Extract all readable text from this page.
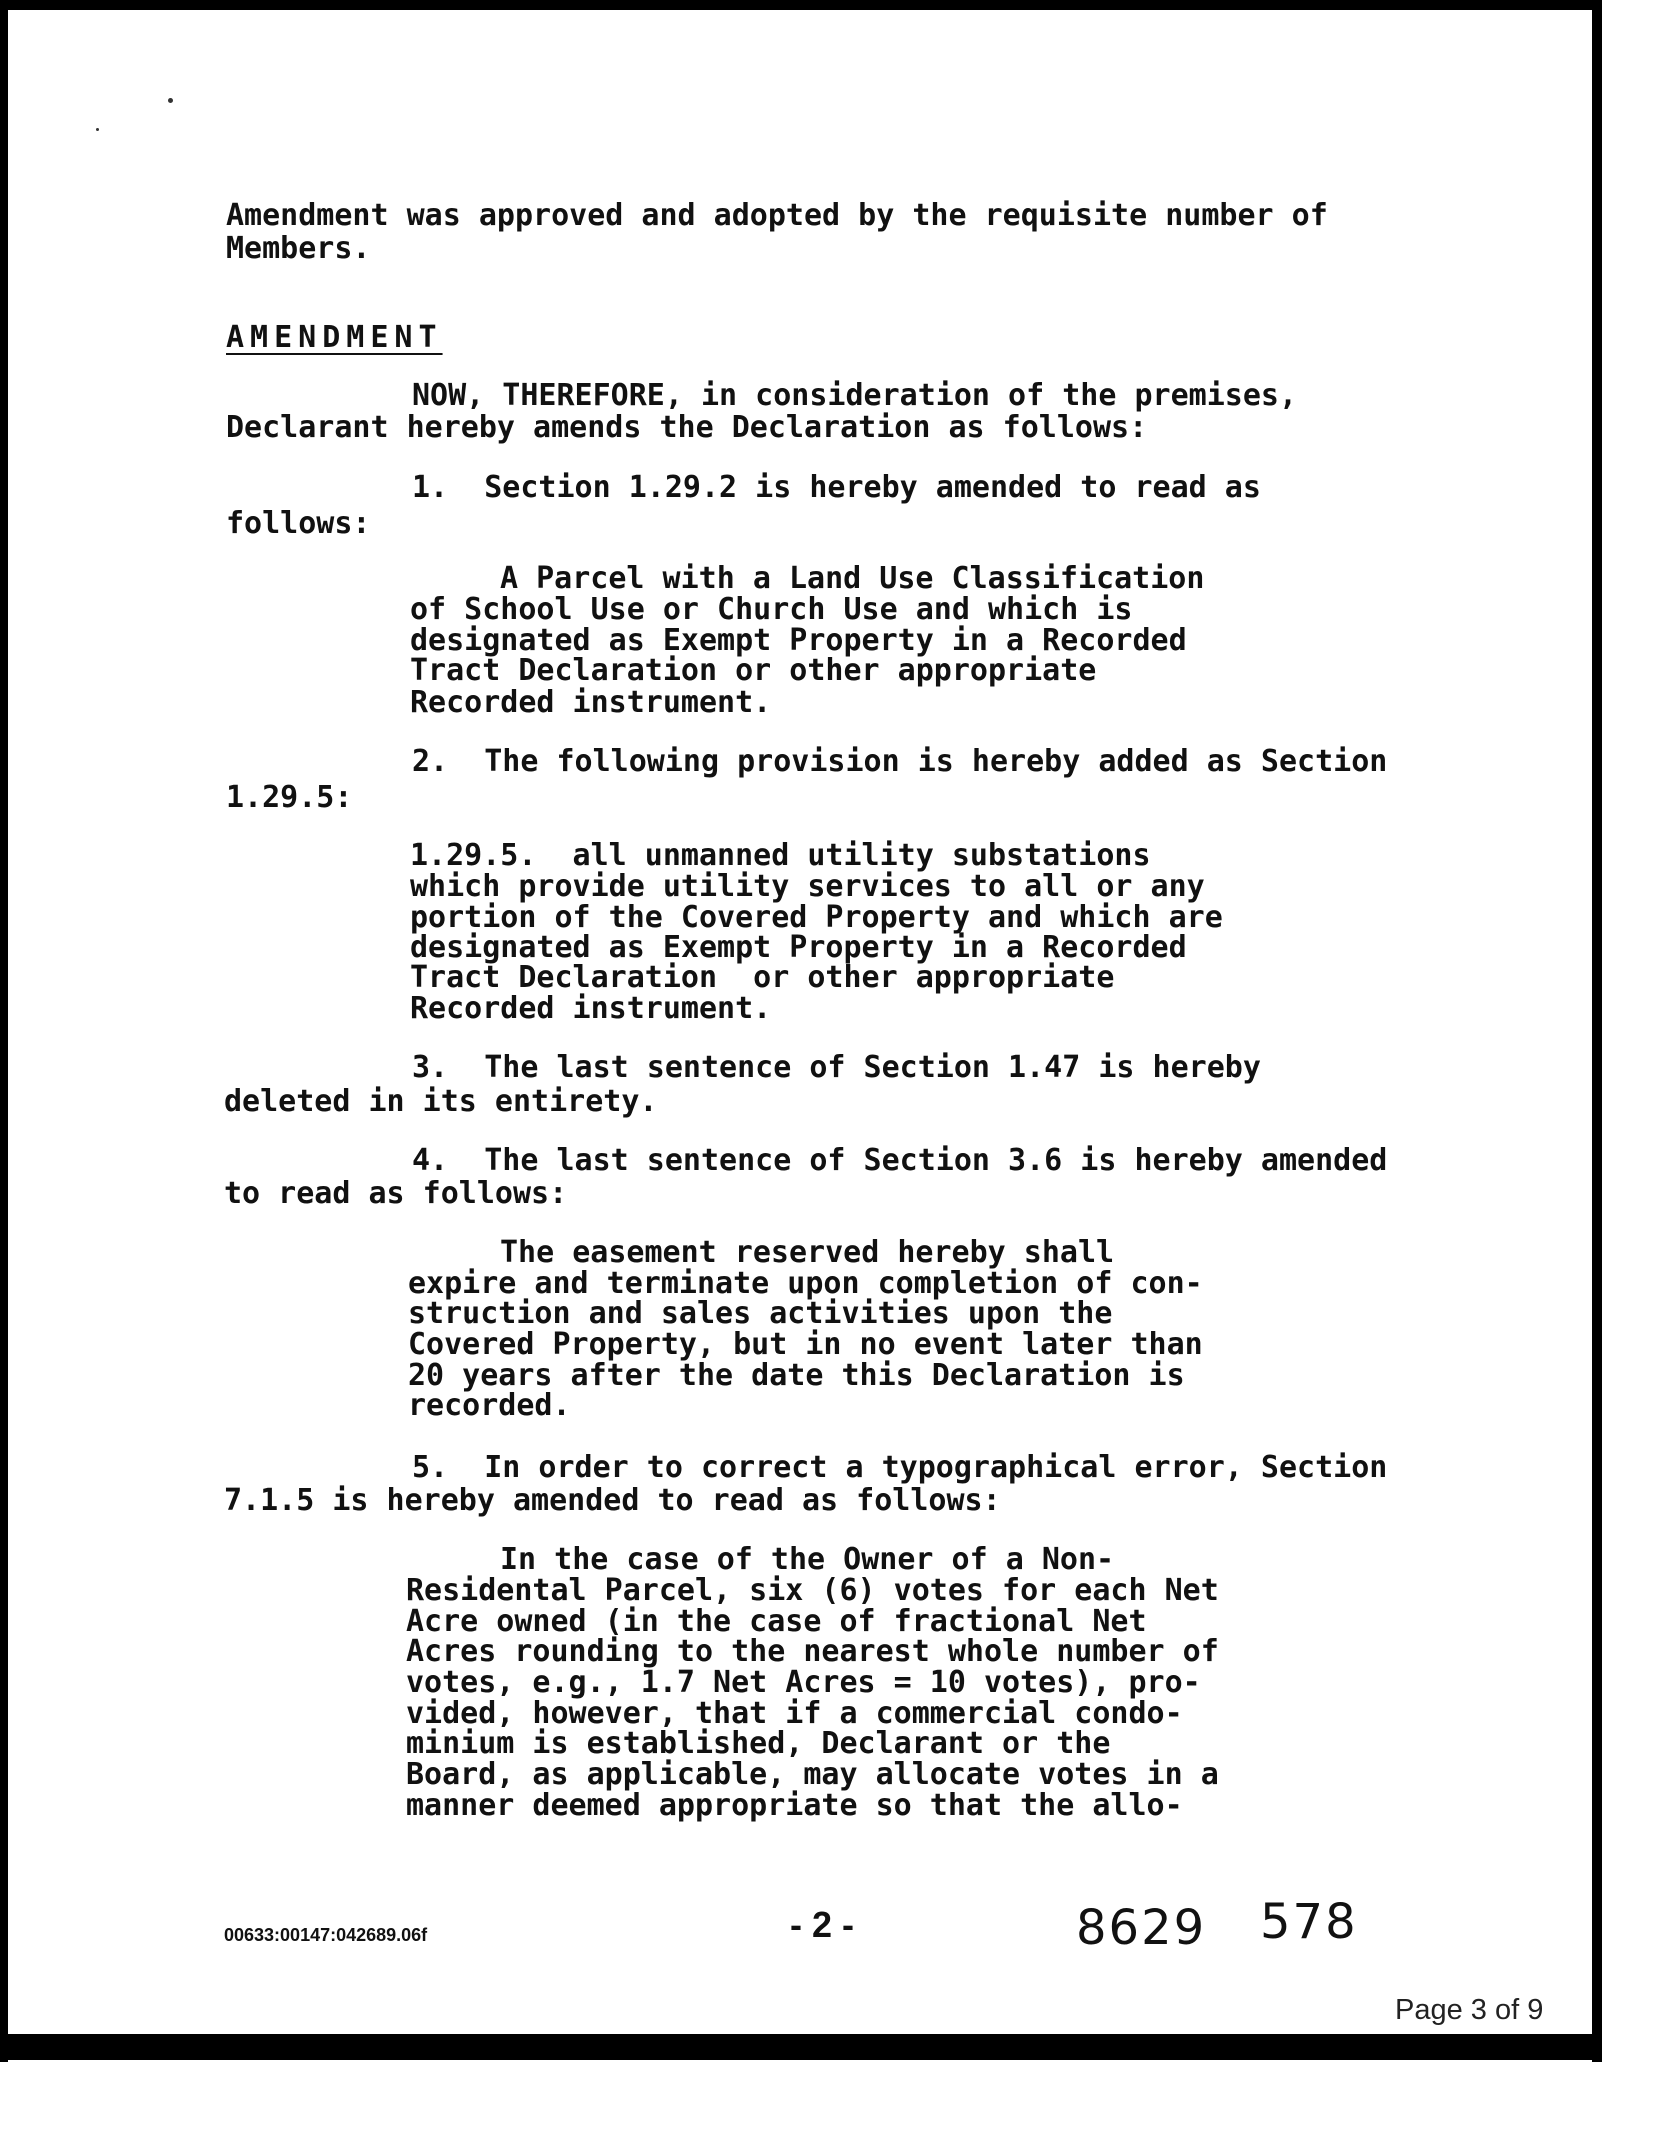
Amendment was approved and adopted by the requisite number of

Members.

AMENDMENT

NOW, THEREFORE, in consideration of the premises,

Declarant hereby amends the Declaration as follows:

1.  Section 1.29.2 is hereby amended to read as

follows:

A Parcel with a Land Use Classification

of School Use or Church Use and which is

designated as Exempt Property in a Recorded

Tract Declaration or other appropriate

Recorded instrument.

2.  The following provision is hereby added as Section

1.29.5:

1.29.5.  all unmanned utility substations

which provide utility services to all or any

portion of the Covered Property and which are

designated as Exempt Property in a Recorded

Tract Declaration  or other appropriate

Recorded instrument.

3.  The last sentence of Section 1.47 is hereby

deleted in its entirety.

4.  The last sentence of Section 3.6 is hereby amended

to read as follows:

The easement reserved hereby shall

expire and terminate upon completion of con-

struction and sales activities upon the

Covered Property, but in no event later than

20 years after the date this Declaration is

recorded.

5.  In order to correct a typographical error, Section

7.1.5 is hereby amended to read as follows:

In the case of the Owner of a Non-

Residental Parcel, six (6) votes for each Net

Acre owned (in the case of fractional Net

Acres rounding to the nearest whole number of

votes, e.g., 1.7 Net Acres = 10 votes), pro-

vided, however, that if a commercial condo-

minium is established, Declarant or the

Board, as applicable, may allocate votes in a

manner deemed appropriate so that the allo-

00633:00147:042689.06f	- 2 -	8629 578
Page 3 of 9
